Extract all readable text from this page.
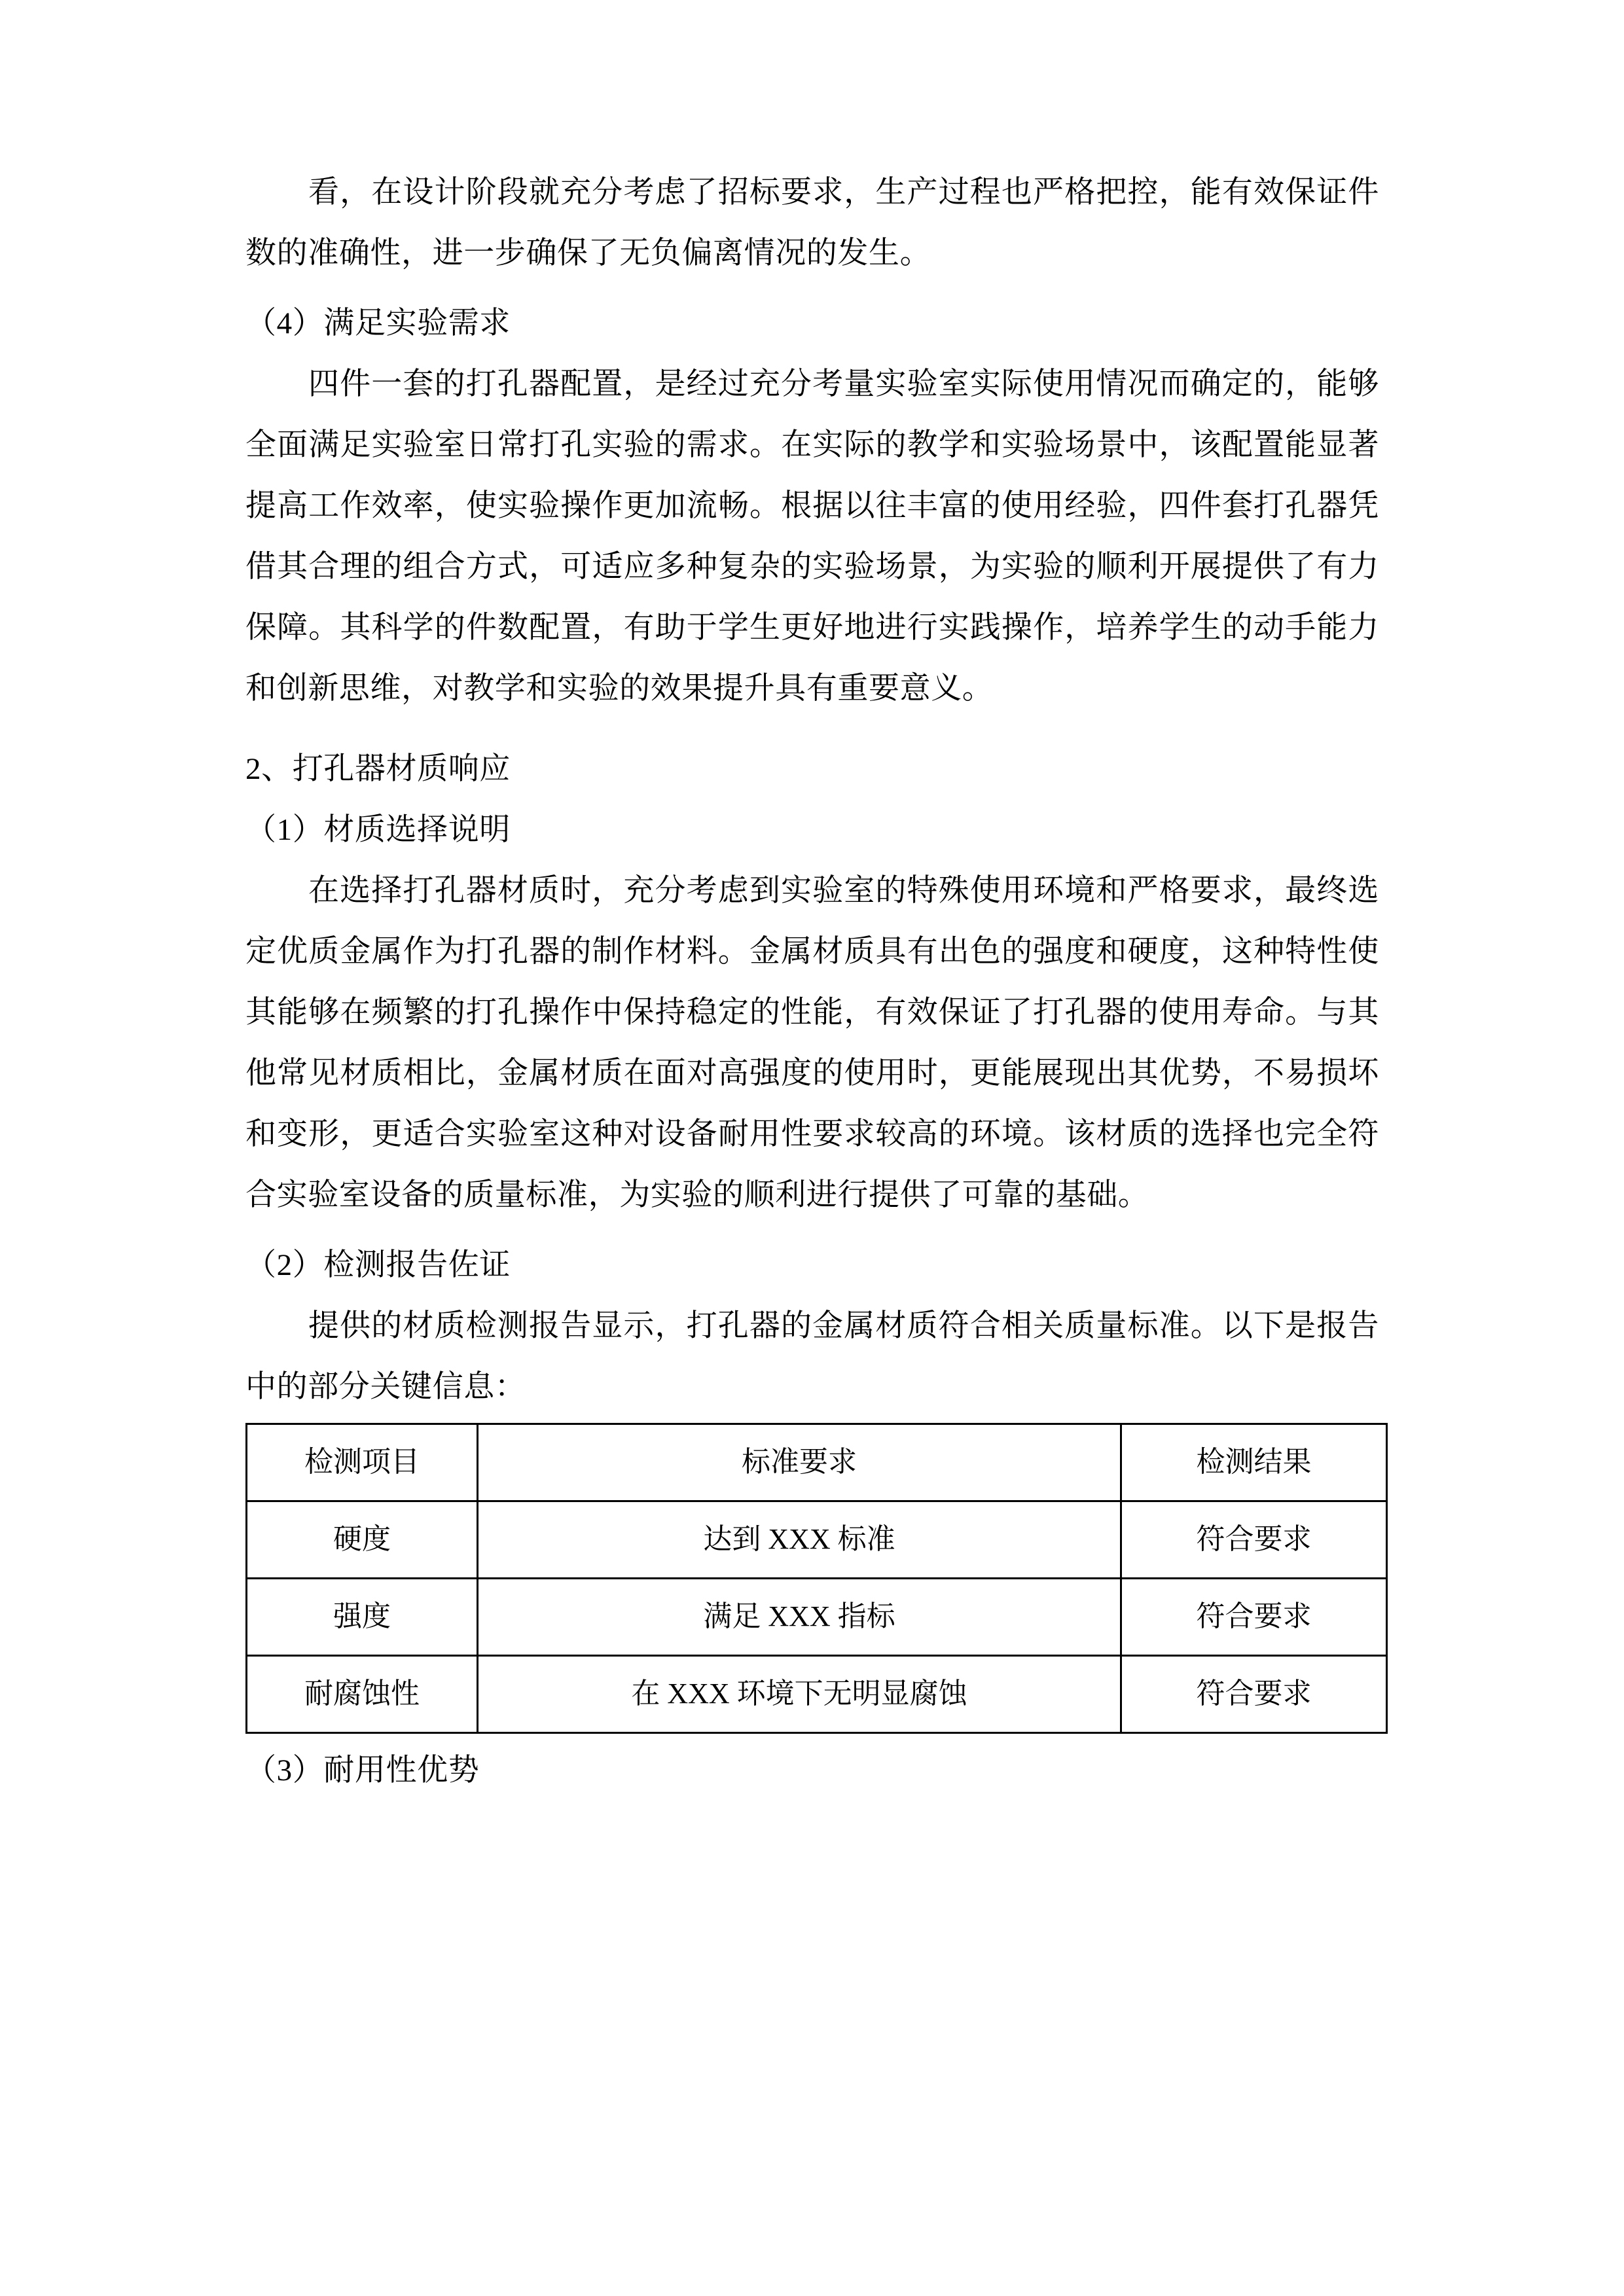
看，在设计阶段就充分考虑了招标要求，生产过程也严格把控，能有效保证件数的准确性，进一步确保了无负偏离情况的发生。

（4）满足实验需求

四件一套的打孔器配置，是经过充分考量实验室实际使用情况而确定的，能够全面满足实验室日常打孔实验的需求。在实际的教学和实验场景中，该配置能显著提高工作效率，使实验操作更加流畅。根据以往丰富的使用经验，四件套打孔器凭借其合理的组合方式，可适应多种复杂的实验场景，为实验的顺利开展提供了有力保障。其科学的件数配置，有助于学生更好地进行实践操作，培养学生的动手能力和创新思维，对教学和实验的效果提升具有重要意义。

2、打孔器材质响应

（1）材质选择说明

在选择打孔器材质时，充分考虑到实验室的特殊使用环境和严格要求，最终选定优质金属作为打孔器的制作材料。金属材质具有出色的强度和硬度，这种特性使其能够在频繁的打孔操作中保持稳定的性能，有效保证了打孔器的使用寿命。与其他常见材质相比，金属材质在面对高强度的使用时，更能展现出其优势，不易损坏和变形，更适合实验室这种对设备耐用性要求较高的环境。该材质的选择也完全符合实验室设备的质量标准，为实验的顺利进行提供了可靠的基础。

（2）检测报告佐证

提供的材质检测报告显示，打孔器的金属材质符合相关质量标准。以下是报告中的部分关键信息：

检测项目	标准要求	检测结果
硬度	达到 XXX 标准	符合要求
强度	满足 XXX 指标	符合要求
耐腐蚀性	在 XXX 环境下无明显腐蚀	符合要求

（3）耐用性优势
